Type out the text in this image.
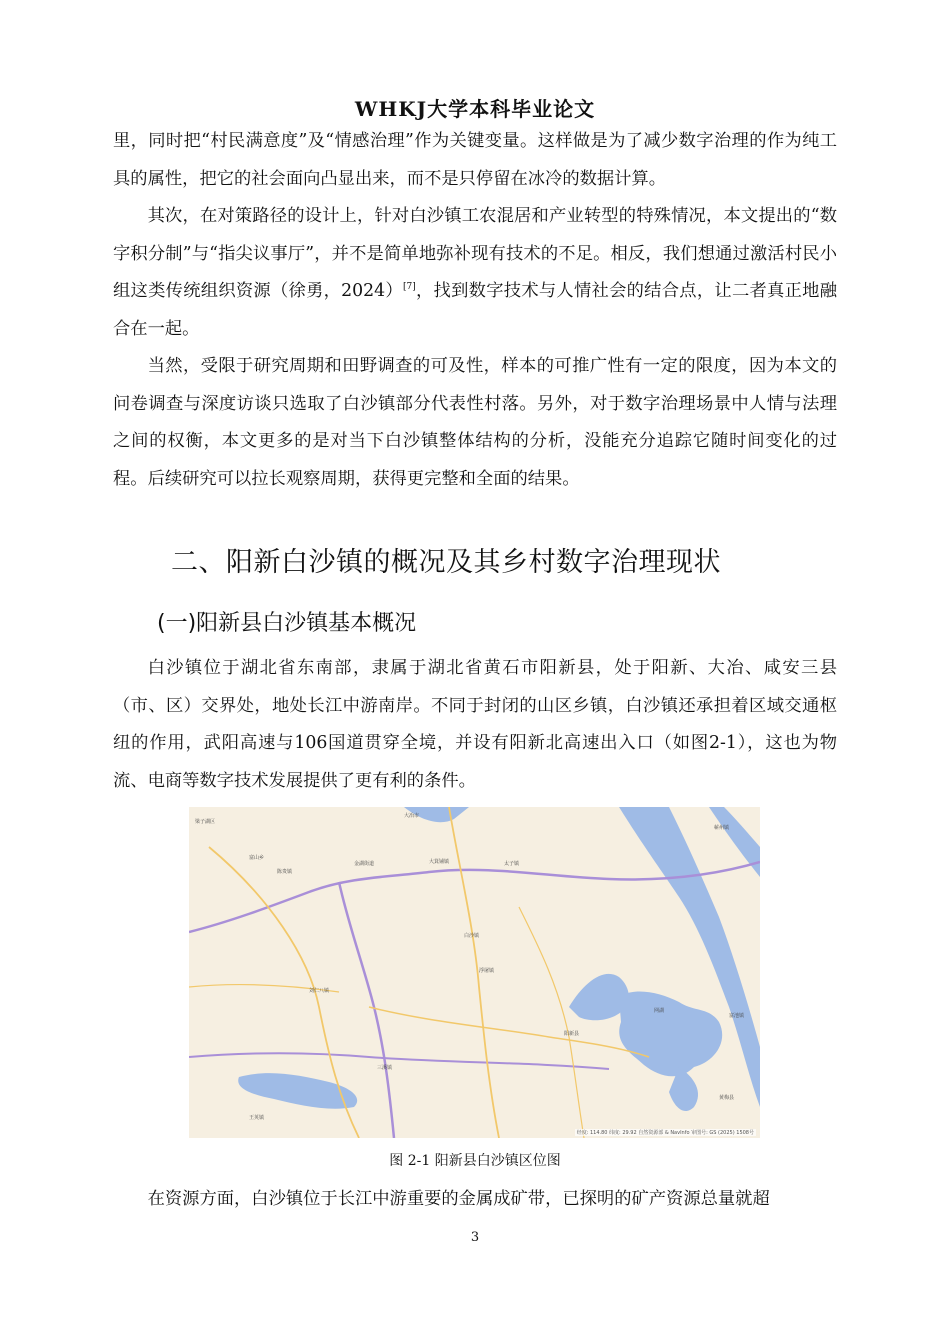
WHKJ大学本科毕业论文

里，同时把“村民满意度”及“情感治理”作为关键变量。这样做是为了减少数字治理的作为纯工具的属性，把它的社会面向凸显出来，而不是只停留在冰冷的数据计算。

其次，在对策路径的设计上，针对白沙镇工农混居和产业转型的特殊情况，本文提出的“数字积分制”与“指尖议事厅”，并不是简单地弥补现有技术的不足。相反，我们想通过激活村民小组这类传统组织资源（徐勇，2024）[7]，找到数字技术与人情社会的结合点，让二者真正地融合在一起。

当然，受限于研究周期和田野调查的可及性，样本的可推广性有一定的限度，因为本文的问卷调查与深度访谈只选取了白沙镇部分代表性村落。另外，对于数字治理场景中人情与法理之间的权衡，本文更多的是对当下白沙镇整体结构的分析，没能充分追踪它随时间变化的过程。后续研究可以拉长观察周期，获得更完整和全面的结果。

二、阳新白沙镇的概况及其乡村数字治理现状
(一)阳新县白沙镇基本概况

白沙镇位于湖北省东南部，隶属于湖北省黄石市阳新县，处于阳新、大冶、咸安三县（市、区）交界处，地处长江中游南岸。不同于封闭的山区乡镇，白沙镇还承担着区域交通枢纽的作用，武阳高速与106国道贯穿全境，并设有阳新北高速出入口（如图2-1），这也为物流、电商等数字技术发展提供了更有利的条件。

梁子湖区
富山乡
陈贵镇
金湖街道
大冶市
大箕铺镇	太子镇
刘仁八镇
白沙镇
浮屠镇
网湖
阳新县
富池镇
王英镇
三溪镇
蕲州镇
黄梅县
经度: 114.80 纬度: 29.92 自然资源部 & NavInfo 审图号: GS (2025) 1508号
图 2-1 阳新县白沙镇区位图

在资源方面，白沙镇位于长江中游重要的金属成矿带，已探明的矿产资源总量就超

3
